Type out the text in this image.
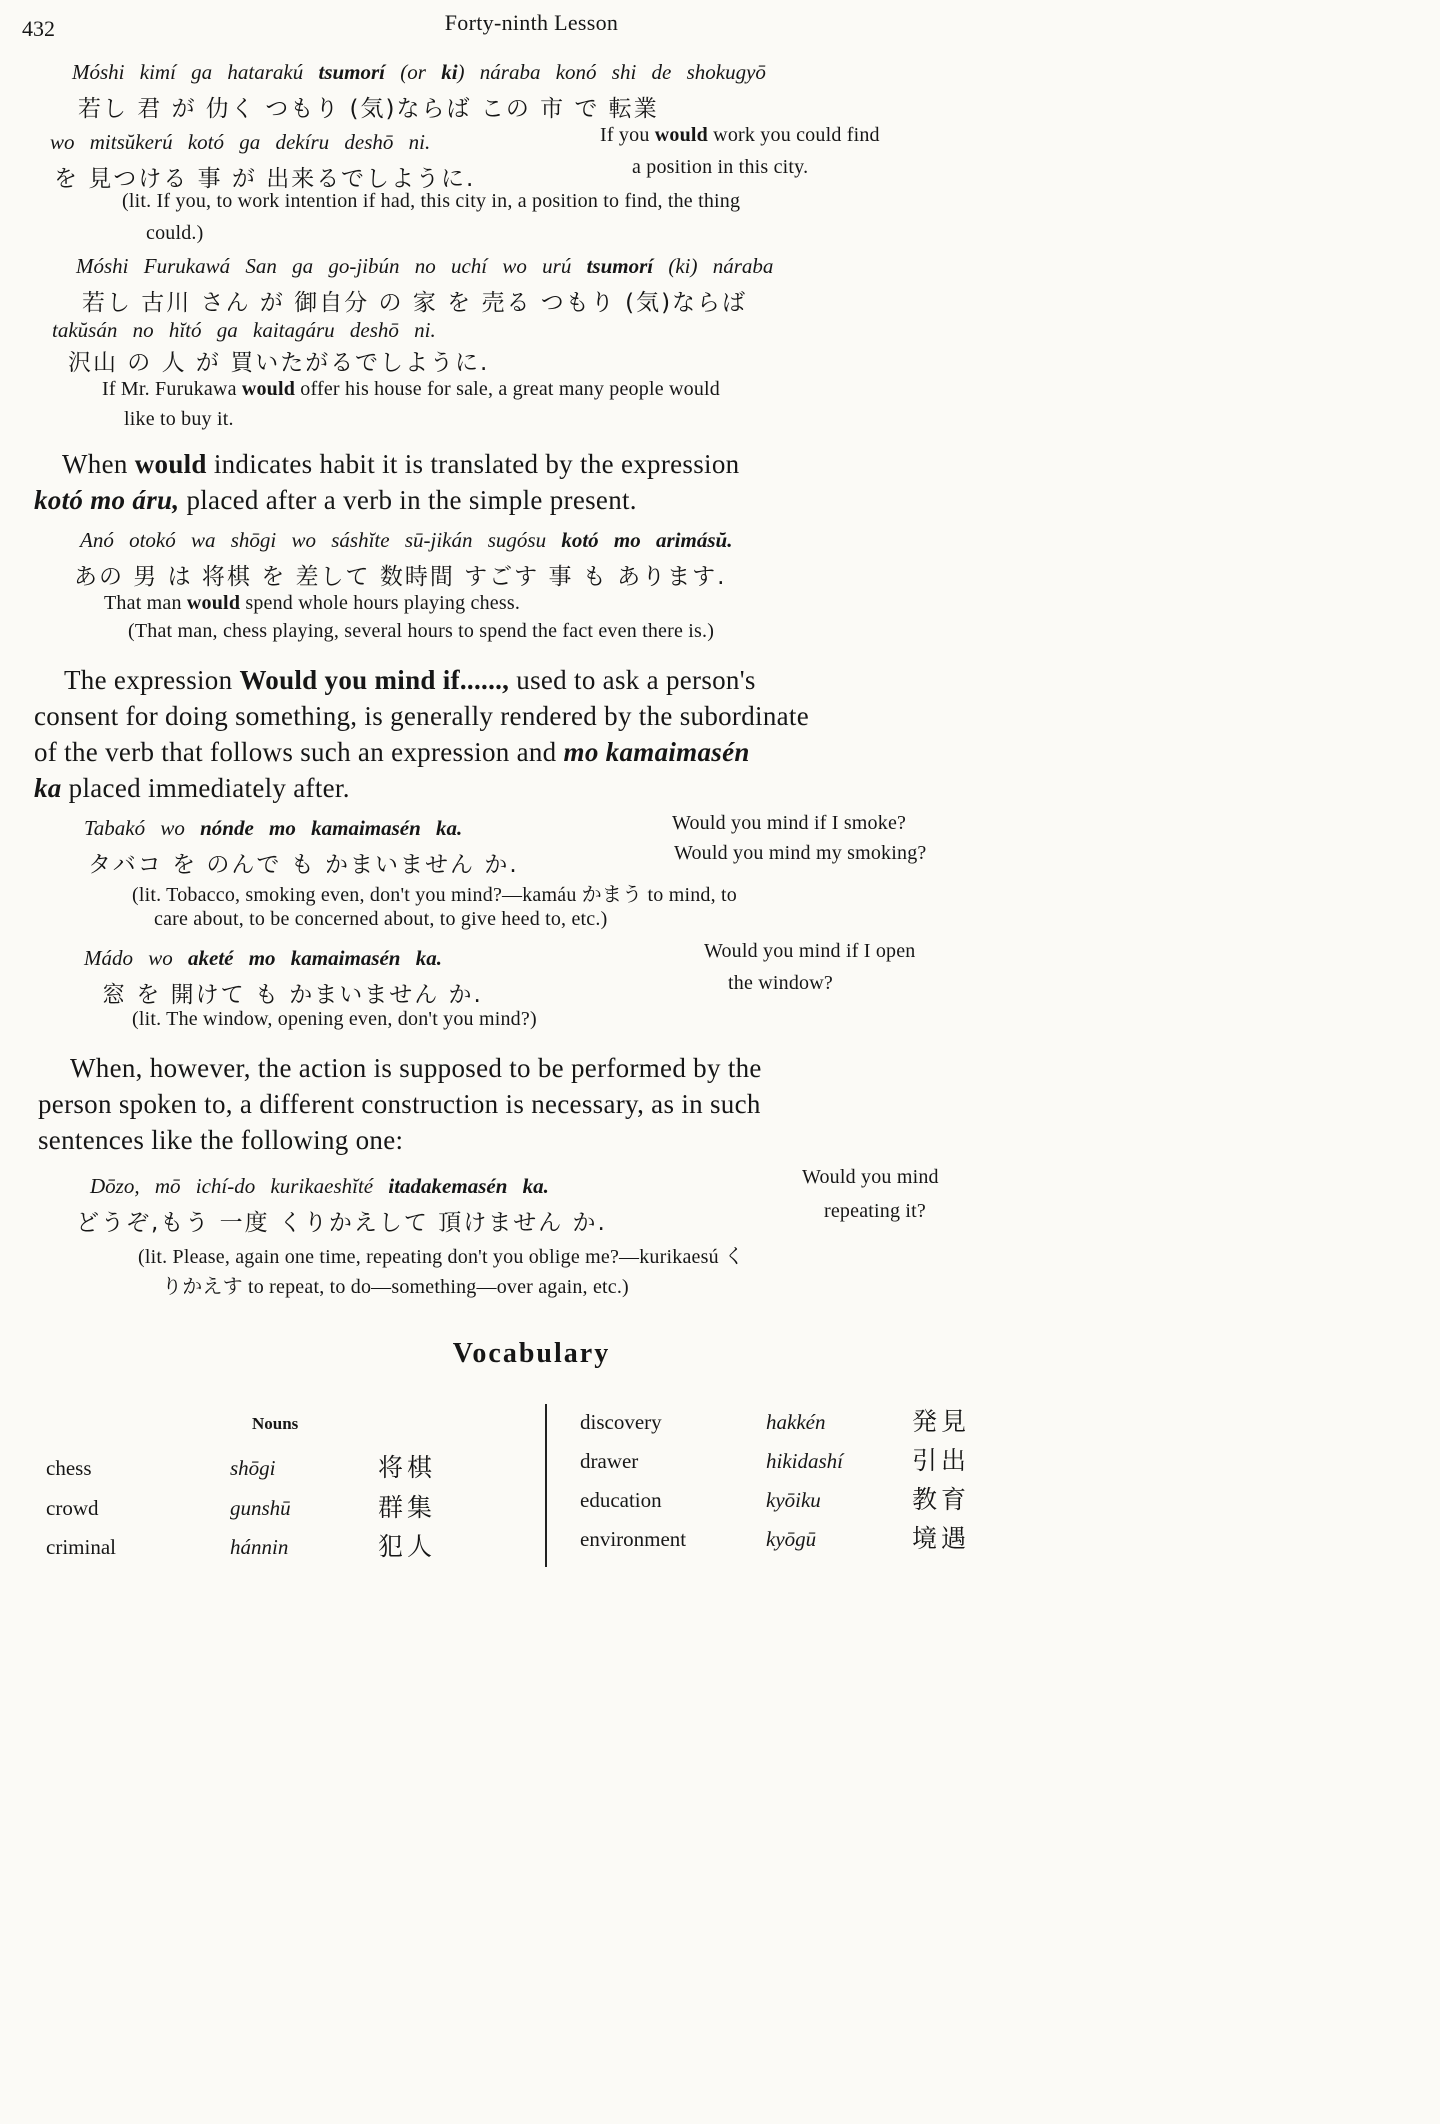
432	Forty-ninth Lesson
Móshi kimí ga hatarakú tsumorí (or ki) náraba konó shi de shokugyō
若し 君 が 仂く つもり (気)ならば この 市 で 転業
wo mitsŭkerú kotó ga dekíru deshō ni.	If you would work you could find
を 見つける 事 が 出来るでしように.	a position in this city.
(lit. If you, to work intention if had, this city in, a position to find, the thing
could.)
Móshi Furukawá San ga go-jibún no uchí wo urú tsumorí (ki) náraba
若し 古川 さん が 御自分 の 家 を 売る つもり (気)ならば
takŭsán no hĭtó ga kaitagáru deshō ni.
沢山 の 人 が 買いたがるでしように.
If Mr. Furukawa would offer his house for sale, a great many people would
like to buy it.
When would indicates habit it is translated by the expression
kotó mo áru, placed after a verb in the simple present.
Anó otokó wa shōgi wo sáshĭte sū-jikán sugósu kotó mo arimásŭ.
あの 男 は 将棋 を 差して 数時間 すごす 事 も あります.
That man would spend whole hours playing chess.
(That man, chess playing, several hours to spend the fact even there is.)
The expression Would you mind if......, used to ask a person's
consent for doing something, is generally rendered by the subordinate
of the verb that follows such an expression and mo kamaimasén
ka placed immediately after.
Tabakó wo nónde mo kamaimasén ka.	Would you mind if I smoke?
タバコ を のんで も かまいません か.	Would you mind my smoking?
(lit. Tobacco, smoking even, don't you mind?—kamáu かまう to mind, to
care about, to be concerned about, to give heed to, etc.)
Mádo wo aketé mo kamaimasén ka.	Would you mind if I open
窓 を 開けて も かまいません か.	the window?
(lit. The window, opening even, don't you mind?)
When, however, the action is supposed to be performed by the
person spoken to, a different construction is necessary, as in such
sentences like the following one:
Dōzo, mō ichí-do kurikaeshĭté itadakemasén ka.	Would you mind
どうぞ,もう 一度 くりかえして 頂けません か.	repeating it?
(lit. Please, again one time, repeating don't you oblige me?—kurikaesú く
りかえす to repeat, to do—something—over again, etc.)
Vocabulary
Nouns
chess	shōgi	将棋
crowd	gunshū	群集
criminal	hánnin	犯人
discovery	hakkén	発見
drawer	hikidashí	引出
education	kyōiku	教育
environment	kyōgū	境遇
